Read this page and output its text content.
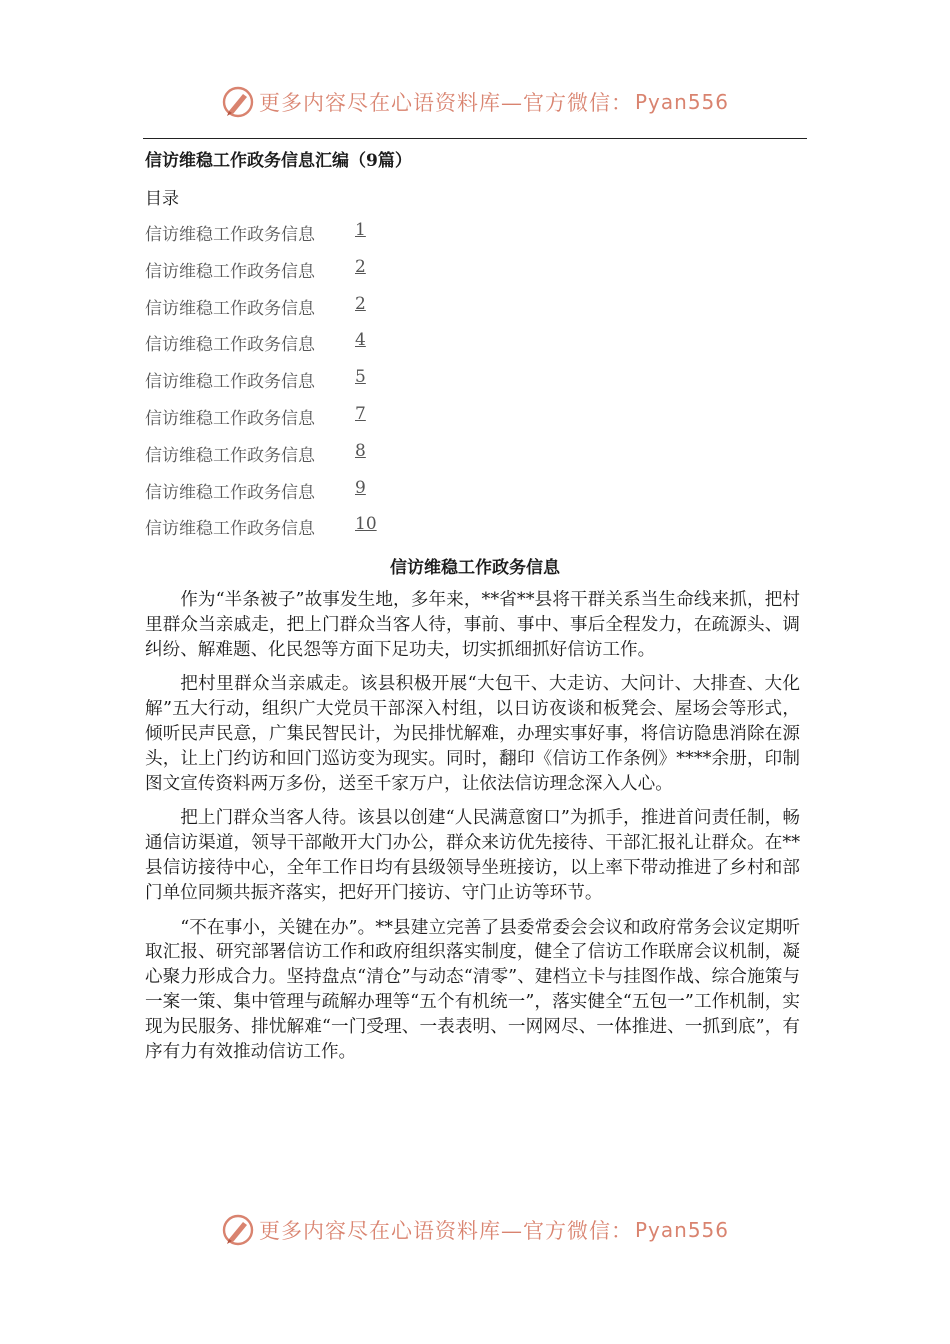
更多内容尽在心语资料库—官方微信： Pyan556
信访维稳工作政务信息汇编（9篇）
目录
信访维稳工作政务信息	1
信访维稳工作政务信息	2
信访维稳工作政务信息	2
信访维稳工作政务信息	4
信访维稳工作政务信息	5
信访维稳工作政务信息	7
信访维稳工作政务信息	8
信访维稳工作政务信息	9
信访维稳工作政务信息	10
信访维稳工作政务信息

作为“半条被子”故事发生地，多年来，**省**县将干群关系当生命线来抓，把村里群众当亲戚走，把上门群众当客人待，事前、事中、事后全程发力，在疏源头、调纠纷、解难题、化民怨等方面下足功夫，切实抓细抓好信访工作。

把村里群众当亲戚走。该县积极开展“大包干、大走访、大问计、大排查、大化解”五大行动，组织广大党员干部深入村组，以日访夜谈和板凳会、屋场会等形式，倾听民声民意，广集民智民计，为民排忧解难，办理实事好事，将信访隐患消除在源头，让上门约访和回门巡访变为现实。同时，翻印《信访工作条例》****余册，印制图文宣传资料两万多份，送至千家万户，让依法信访理念深入人心。

把上门群众当客人待。该县以创建“人民满意窗口”为抓手，推进首问责任制，畅通信访渠道，领导干部敞开大门办公，群众来访优先接待、干部汇报礼让群众。在**县信访接待中心，全年工作日均有县级领导坐班接访，以上率下带动推进了乡村和部门单位同频共振齐落实，把好开门接访、守门止访等环节。

“不在事小，关键在办”。**县建立完善了县委常委会会议和政府常务会议定期听取汇报、研究部署信访工作和政府组织落实制度，健全了信访工作联席会议机制，凝心聚力形成合力。坚持盘点“清仓”与动态“清零”、建档立卡与挂图作战、综合施策与一案一策、集中管理与疏解办理等“五个有机统一”，落实健全“五包一”工作机制，实现为民服务、排忧解难“一门受理、一表表明、一网网尽、一体推进、一抓到底”，有序有力有效推动信访工作。

更多内容尽在心语资料库—官方微信： Pyan556
